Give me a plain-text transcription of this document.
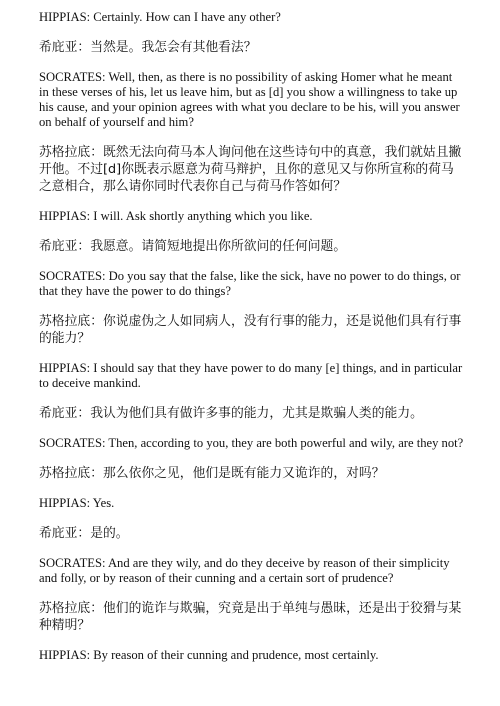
HIPPIAS: Certainly. How can I have any other?

希庇亚：当然是。我怎会有其他看法？

SOCRATES: Well, then, as there is no possibility of asking Homer what he meant in these verses of his, let us leave him, but as [d] you show a willingness to take up his cause, and your opinion agrees with what you declare to be his, will you answer on behalf of yourself and him?

苏格拉底：既然无法向荷马本人询问他在这些诗句中的真意，我们就姑且撇开他。不过[d]你既表示愿意为荷马辩护，且你的意见又与你所宣称的荷马之意相合，那么请你同时代表你自己与荷马作答如何？

HIPPIAS: I will. Ask shortly anything which you like.

希庇亚：我愿意。请简短地提出你所欲问的任何问题。

SOCRATES: Do you say that the false, like the sick, have no power to do things, or that they have the power to do things?

苏格拉底：你说虚伪之人如同病人，没有行事的能力，还是说他们具有行事的能力？

HIPPIAS: I should say that they have power to do many [e] things, and in particular to deceive mankind.

希庇亚：我认为他们具有做许多事的能力，尤其是欺骗人类的能力。

SOCRATES: Then, according to you, they are both powerful and wily, are they not?

苏格拉底：那么依你之见，他们是既有能力又诡诈的，对吗？

HIPPIAS: Yes.

希庇亚：是的。

SOCRATES: And are they wily, and do they deceive by reason of their simplicity and folly, or by reason of their cunning and a certain sort of prudence?

苏格拉底：他们的诡诈与欺骗，究竟是出于单纯与愚昧，还是出于狡猾与某种精明？

HIPPIAS: By reason of their cunning and prudence, most certainly.
